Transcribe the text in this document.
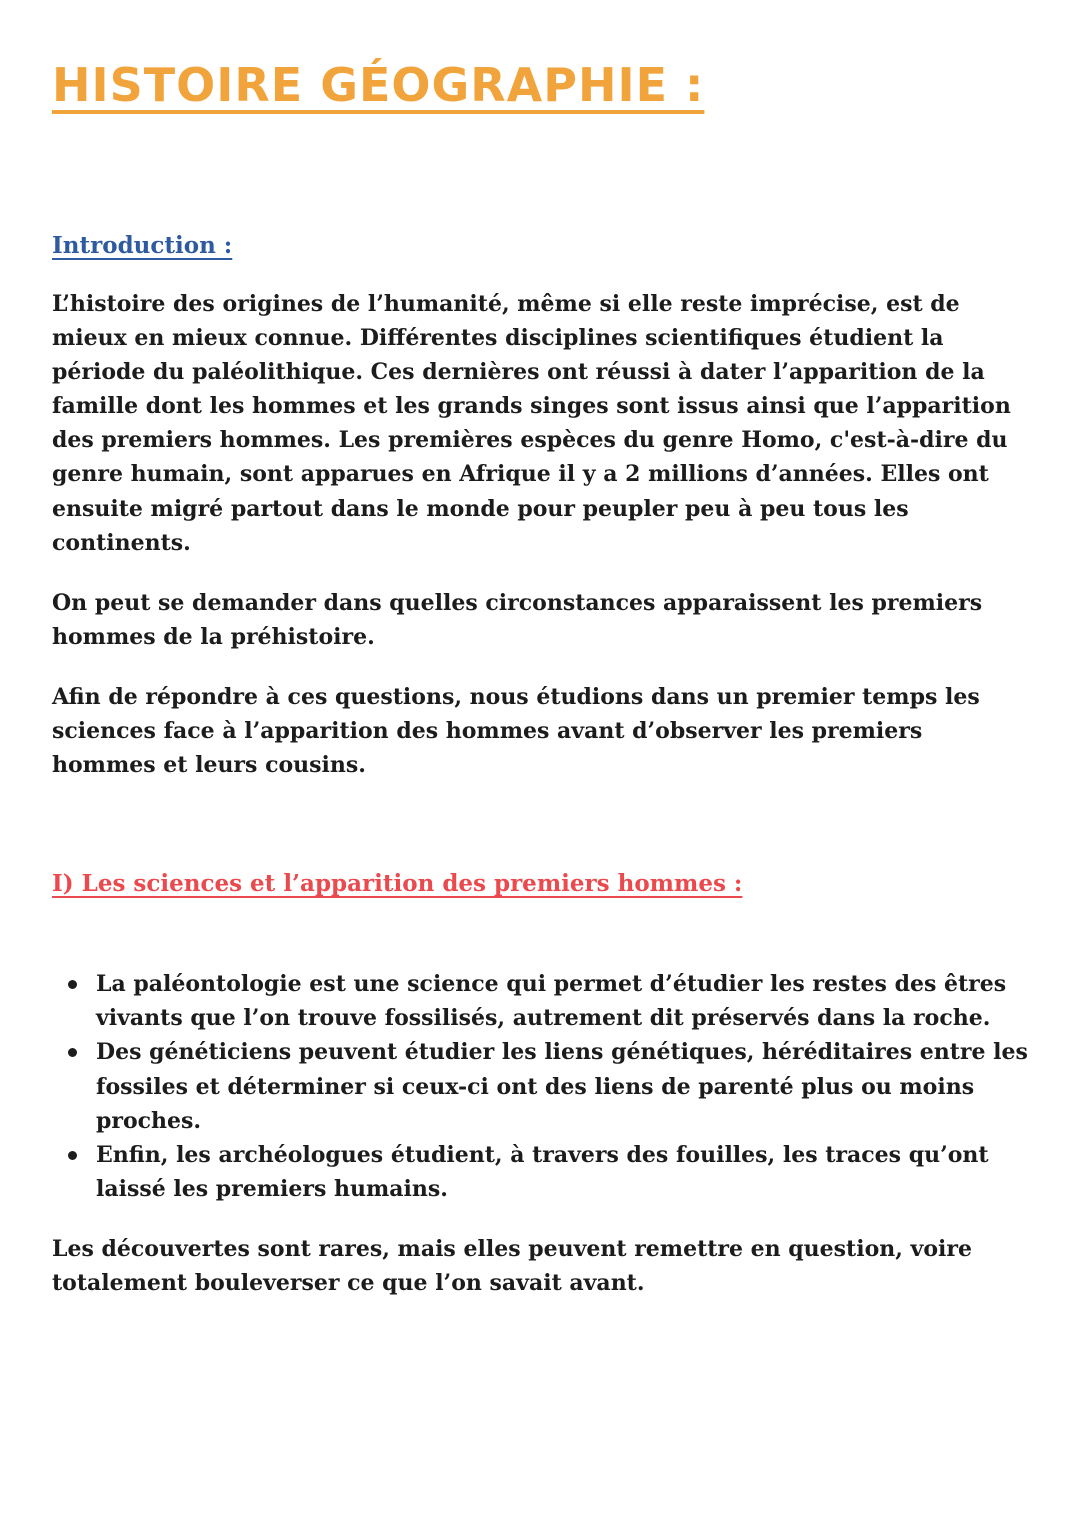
HISTOIRE GÉOGRAPHIE :
Introduction :

L’histoire des origines de l’humanité, même si elle reste imprécise, est de mieux en mieux connue. Différentes disciplines scientifiques étudient la période du paléolithique. Ces dernières ont réussi à dater l’apparition de la famille dont les hommes et les grands singes sont issus ainsi que l’apparition des premiers hommes. Les premières espèces du genre Homo, c'est-à-dire du genre humain, sont apparues en Afrique il y a 2 millions d’années. Elles ont ensuite migré partout dans le monde pour peupler peu à peu tous les continents.

On peut se demander dans quelles circonstances apparaissent les premiers hommes de la préhistoire.

Afin de répondre à ces questions, nous étudions dans un premier temps les sciences face à l’apparition des hommes avant d’observer les premiers hommes et leurs cousins.

I) Les sciences et l’apparition des premiers hommes :
La paléontologie est une science qui permet d’étudier les restes des êtres vivants que l’on trouve fossilisés, autrement dit préservés dans la roche.
Des généticiens peuvent étudier les liens génétiques, héréditaires entre les fossiles et déterminer si ceux-ci ont des liens de parenté plus ou moins proches.
Enfin, les archéologues étudient, à travers des fouilles, les traces qu’ont laissé les premiers humains.

Les découvertes sont rares, mais elles peuvent remettre en question, voire totalement bouleverser ce que l’on savait avant.
